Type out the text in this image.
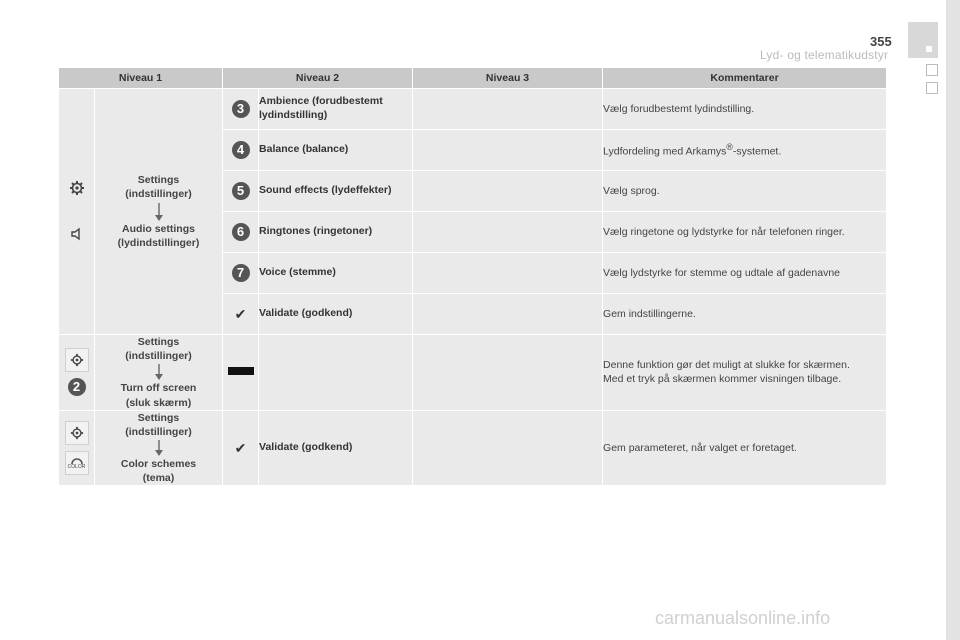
355
Lyd- og telematikudstyr
Niveau 1		Niveau 2		Niveau 3	Kommentarer

Settings
(indstillinger)
Audio settings
(lydindstillinger)	3	Ambience (forudbestemt lydindstilling)		Vælg forudbestemt lydindstilling.
		4	Balance (balance)		Lydfordeling med Arkamys®-systemet.
		5	Sound effects (lydeffekter)		Vælg sprog.
		6	Ringtones (ringetoner)		Vælg ringetone og lydstyrke for når telefonen ringer.
		7	Voice (stemme)		Vælg lydstyrke for stemme og udtale af gadenavne
		✔	Validate (godkend)		Gem indstillingerne.

2	Settings
(indstillinger)
Turn off screen
(sluk skærm)				Denne funktion gør det muligt at slukke for skærmen.
Med et tryk på skærmen kommer visningen tilbage.

COLOR	Settings
(indstillinger)
Color schemes
(tema)	✔	Validate (godkend)		Gem parameteret, når valget er foretaget.
carmanualsonline.info
